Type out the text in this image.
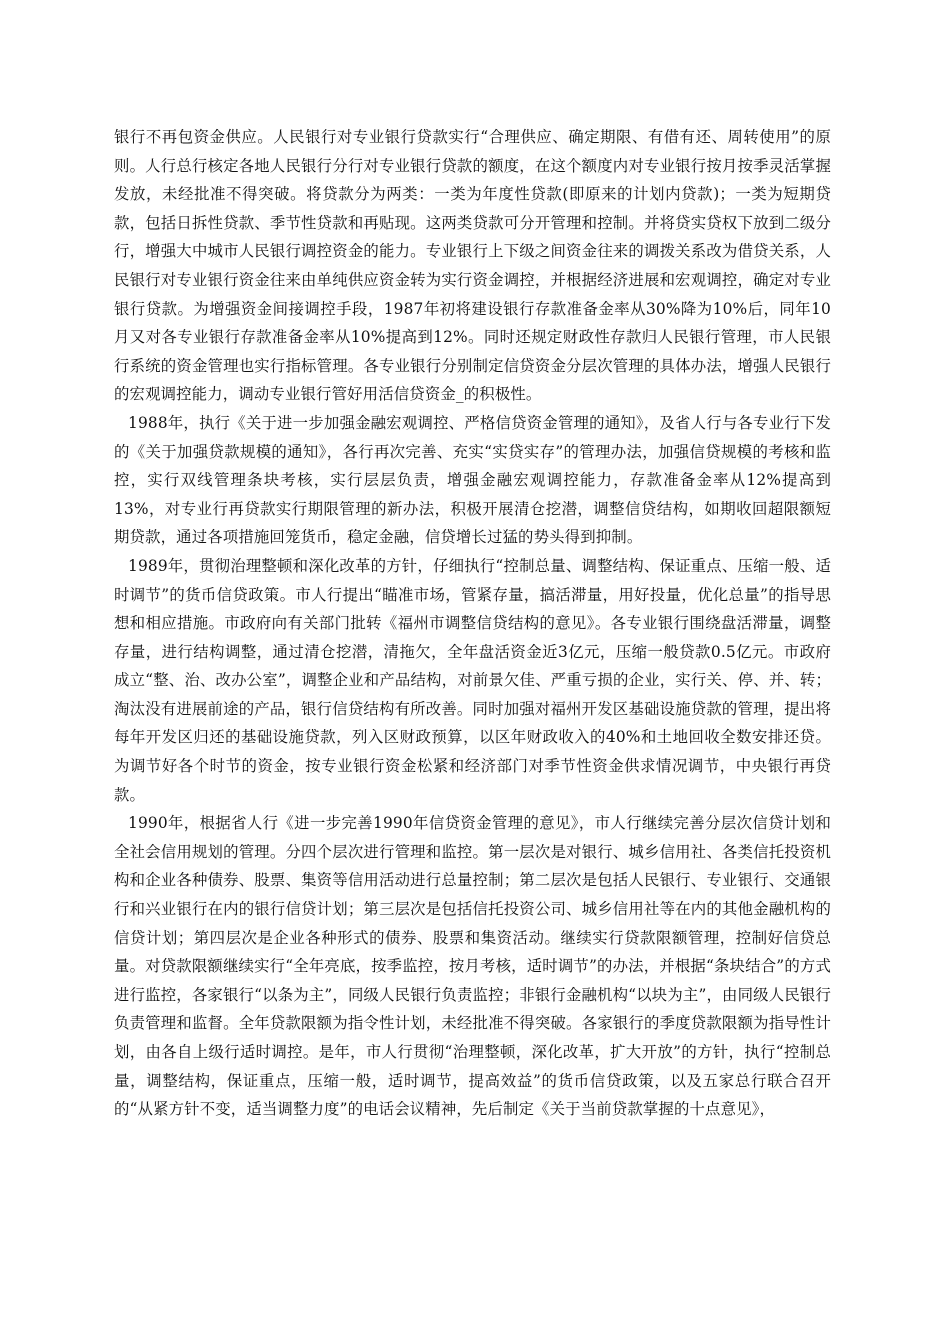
银行不再包资金供应。人民银行对专业银行贷款实行“合理供应、确定期限、有借有还、周转使用”的原则。人行总行核定各地人民银行分行对专业银行贷款的额度，在这个额度内对专业银行按月按季灵活掌握发放，未经批准不得突破。将贷款分为两类：一类为年度性贷款(即原来的计划内贷款)；一类为短期贷款，包括日拆性贷款、季节性贷款和再贴现。这两类贷款可分开管理和控制。并将贷实贷权下放到二级分行，增强大中城市人民银行调控资金的能力。专业银行上下级之间资金往来的调拨关系改为借贷关系，人民银行对专业银行资金往来由单纯供应资金转为实行资金调控，并根据经济进展和宏观调控，确定对专业银行贷款。为增强资金间接调控手段，1987年初将建设银行存款准备金率从30%降为10%后，同年10月又对各专业银行存款准备金率从10%提高到12%。同时还规定财政性存款归人民银行管理，市人民银行系统的资金管理也实行指标管理。各专业银行分别制定信贷资金分层次管理的具体办法，增强人民银行的宏观调控能力，调动专业银行管好用活信贷资金_的积极性。

1988年，执行《关于进一步加强金融宏观调控、严格信贷资金管理的通知》，及省人行与各专业行下发的《关于加强贷款规模的通知》，各行再次完善、充实“实贷实存”的管理办法，加强信贷规模的考核和监控，实行双线管理条块考核，实行层层负责，增强金融宏观调控能力，存款准备金率从12%提高到13%，对专业行再贷款实行期限管理的新办法，积极开展清仓挖潜，调整信贷结构，如期收回超限额短期贷款，通过各项措施回笼货币，稳定金融，信贷增长过猛的势头得到抑制。

1989年，贯彻治理整顿和深化改革的方针，仔细执行“控制总量、调整结构、保证重点、压缩一般、适时调节”的货币信贷政策。市人行提出“瞄准市场，管紧存量，搞活滞量，用好投量，优化总量”的指导思想和相应措施。市政府向有关部门批转《福州市调整信贷结构的意见》。各专业银行围绕盘活滞量，调整存量，进行结构调整，通过清仓挖潜，清拖欠，全年盘活资金近3亿元，压缩一般贷款0.5亿元。市政府成立“整、治、改办公室”，调整企业和产品结构，对前景欠佳、严重亏损的企业，实行关、停、并、转；淘汰没有进展前途的产品，银行信贷结构有所改善。同时加强对福州开发区基础设施贷款的管理，提出将每年开发区归还的基础设施贷款，列入区财政预算，以区年财政收入的40%和土地回收全数安排还贷。为调节好各个时节的资金，按专业银行资金松紧和经济部门对季节性资金供求情况调节，中央银行再贷款。

1990年，根据省人行《进一步完善1990年信贷资金管理的意见》，市人行继续完善分层次信贷计划和全社会信用规划的管理。分四个层次进行管理和监控。第一层次是对银行、城乡信用社、各类信托投资机构和企业各种债券、股票、集资等信用活动进行总量控制；第二层次是包括人民银行、专业银行、交通银行和兴业银行在内的银行信贷计划；第三层次是包括信托投资公司、城乡信用社等在内的其他金融机构的信贷计划；第四层次是企业各种形式的债券、股票和集资活动。继续实行贷款限额管理，控制好信贷总量。对贷款限额继续实行“全年亮底，按季监控，按月考核，适时调节”的办法，并根据“条块结合”的方式进行监控，各家银行“以条为主”，同级人民银行负责监控；非银行金融机构“以块为主”，由同级人民银行负责管理和监督。全年贷款限额为指令性计划，未经批准不得突破。各家银行的季度贷款限额为指导性计划，由各自上级行适时调控。是年，市人行贯彻“治理整顿，深化改革，扩大开放”的方针，执行“控制总量，调整结构，保证重点，压缩一般，适时调节，提高效益”的货币信贷政策，以及五家总行联合召开的“从紧方针不变，适当调整力度”的电话会议精神，先后制定《关于当前贷款掌握的十点意见》，
